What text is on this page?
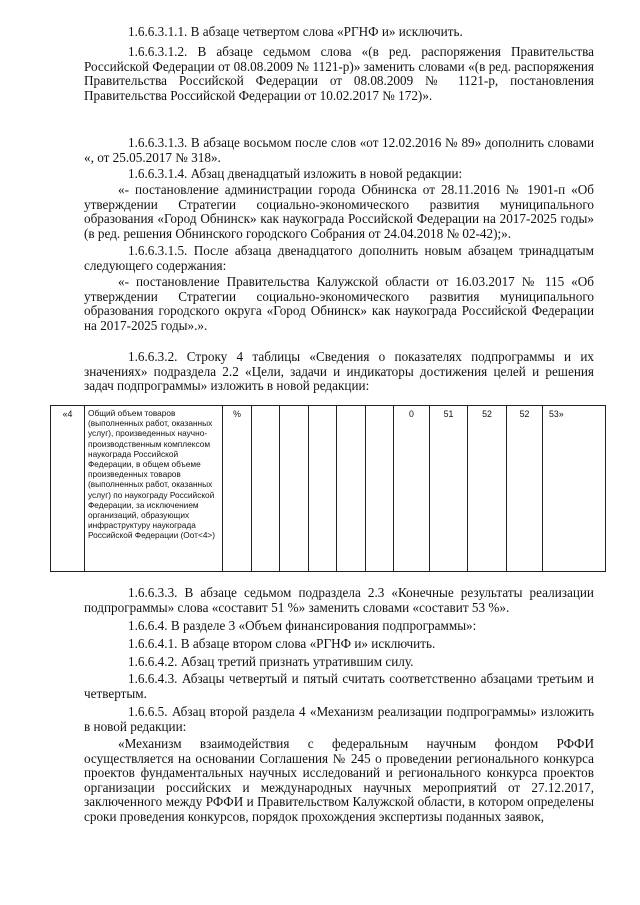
1.6.6.3.1.1. В абзаце четвертом слова «РГНФ и» исключить.

1.6.6.3.1.2. В абзаце седьмом слова «(в ред. распоряжения Правительства Российской Федерации от 08.08.2009 № 1121-р)» заменить словами «(в ред. распоряжения Правительства Российской Федерации от 08.08.2009 № 1121-р, постановления Правительства Российской Федерации от 10.02.2017 № 172)».

1.6.6.3.1.3. В абзаце восьмом после слов «от 12.02.2016 № 89» дополнить словами «, от 25.05.2017 № 318».

1.6.6.3.1.4. Абзац двенадцатый изложить в новой редакции:

«- постановление администрации города Обнинска от 28.11.2016 № 1901-п «Об утверждении Стратегии социально-экономического развития муниципального образования «Город Обнинск» как наукограда Российской Федерации на 2017-2025 годы» (в ред. решения Обнинского городского Собрания от 24.04.2018 № 02-42);».

1.6.6.3.1.5. После абзаца двенадцатого дополнить новым абзацем тринадцатым следующего содержания:

«- постановление Правительства Калужской области от 16.03.2017 № 115 «Об утверждении Стратегии социально-экономического развития муниципального образования городского округа «Город Обнинск» как наукограда Российской Федерации на 2017-2025 годы».».

1.6.6.3.2. Строку 4 таблицы «Сведения о показателях подпрограммы и их значениях» подраздела 2.2 «Цели, задачи и индикаторы достижения целей и решения задач подпрограммы» изложить в новой редакции:

«4	Общий объем товаров (выполненных работ, оказанных услуг), произведенных научно-производственным комплексом наукограда Российской Федерации, в общем объеме произведенных товаров (выполненных работ, оказанных услуг) по наукограду Российской Федерации, за исключением организаций, образующих инфраструктуру наукограда Российской Федерации (Оот<4>)	%						0	51	52	52	53»

1.6.6.3.3. В абзаце седьмом подраздела 2.3 «Конечные результаты реализации подпрограммы» слова «составит 51 %» заменить словами «составит 53 %».

1.6.6.4. В разделе 3 «Объем финансирования подпрограммы»:

1.6.6.4.1. В абзаце втором слова «РГНФ и» исключить.

1.6.6.4.2. Абзац третий признать утратившим силу.

1.6.6.4.3. Абзацы четвертый и пятый считать соответственно абзацами третьим и четвертым.

1.6.6.5. Абзац второй раздела 4 «Механизм реализации подпрограммы» изложить в новой редакции:

«Механизм взаимодействия с федеральным научным фондом РФФИ осуществляется на основании Соглашения № 245 о проведении регионального конкурса проектов фундаментальных научных исследований и регионального конкурса проектов организации российских и международных научных мероприятий от 27.12.2017, заключенного между РФФИ и Правительством Калужской области, в котором определены сроки проведения конкурсов, порядок прохождения экспертизы поданных заявок,
